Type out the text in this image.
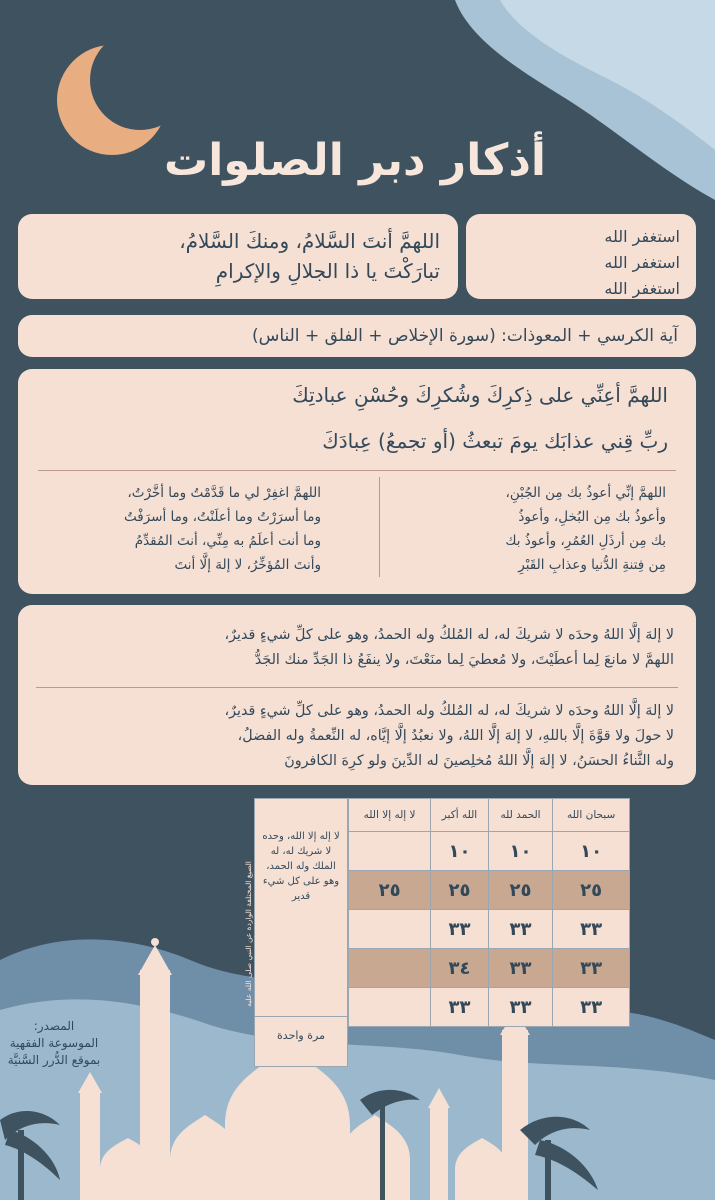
أذكار دبر الصلوات
استغفر الله
استغفر الله
استغفر الله
اللهمَّ أنتَ السَّلامُ، ومنكَ السَّلامُ،
تبارَكْتَ يا ذا الجلالِ والإكرامِ
آية الكرسي + المعوذات: (سورة الإخلاص + الفلق + الناس)
اللهمَّ أعِنِّي على ذِكرِكَ وشُكرِكَ وحُسْنِ عبادتِكَ
ربِّ قِني عذابَك يومَ تبعثُ (أو تجمعُ) عِبادَكَ
اللهمَّ إنِّي أعوذُ بك مِن الجُبْنِ،
وأعوذُ بك مِن البُخلِ، وأعوذُ
بك مِن أرذَلِ العُمُرِ، وأعوذُ بك
مِن فِتنةِ الدُّنيا وعذابِ القَبْرِ
اللهمَّ اغفِرْ لي ما قَدَّمْتُ وما أخَّرْتُ،
وما أسرَرْتُ وما أعلَنْتُ، وما أسرَفْتُ
وما أنت أعلَمُ به مِنِّي، أنتَ المُقدِّمُ
وأنتَ المُؤخِّرُ، لا إلهَ إلَّا أنتَ
لا إلهَ إلَّا اللهُ وحدَه لا شريكَ له، له المُلكُ وله الحمدُ، وهو على كلِّ شيءٍ قديرٌ،
اللهمَّ لا مانعَ لِما أعطَيْتَ، ولا مُعطيَ لِما منَعْتَ، ولا ينفَعُ ذا الجَدِّ منك الجَدُّ
لا إلهَ إلَّا اللهُ وحدَه لا شريكَ له، له المُلكُ وله الحمدُ، وهو على كلِّ شيءٍ قديرٌ،
لا حولَ ولا قوَّةَ إلَّا باللهِ، لا إلهَ إلَّا اللهُ، ولا نعبُدُ إلَّا إيَّاه، له النِّعمةُ وله الفضلُ،
وله الثَّناءُ الحسَنُ، لا إلهَ إلَّا اللهُ مُخلِصينَ له الدِّينَ ولو كرِهَ الكافرونَ
سبحان الله	الحمد لله	الله أكبر	لا إله إلا الله
١٠	١٠	١٠	
٢٥	٢٥	٢٥	٢٥
٣٣	٣٣	٣٣	
٣٣	٣٣	٣٤	
٣٣	٣٣	٣٣	
لا إله إلا الله، وحده لا شريك له، له الملك وله الحمد، وهو على كل شيء قدير
مرة واحدة
الصيغ المختلفة الواردة عن النبي صلى الله عليه وسلم
المصدر:
الموسوعة الفقهية
بموقع الدُّرر السَّنيَّة
